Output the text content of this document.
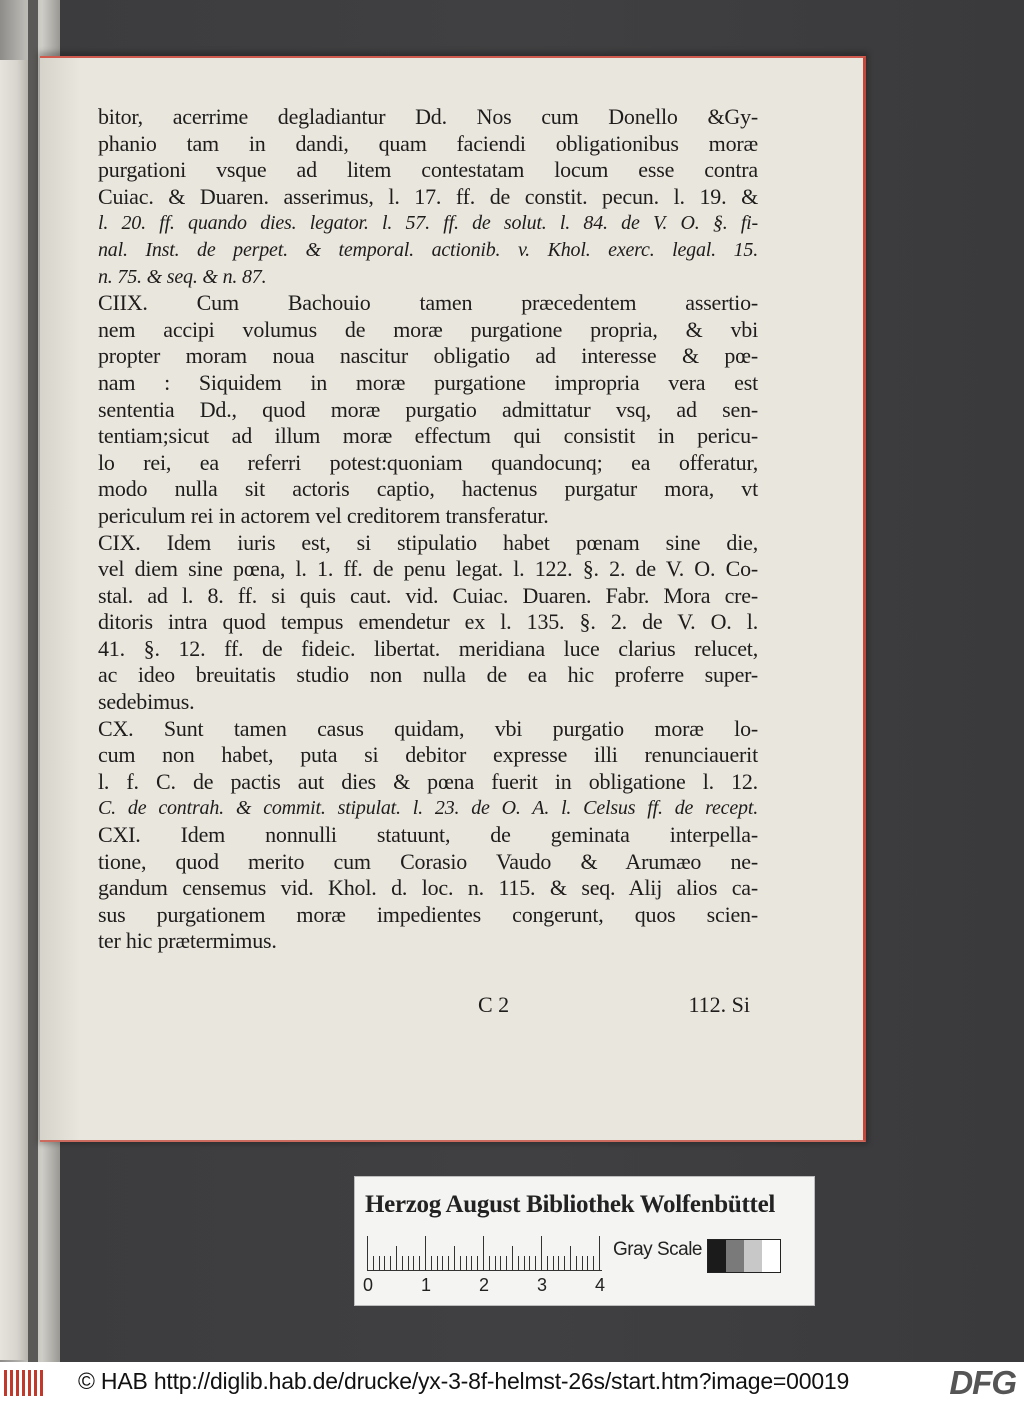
bitor, acerrime degladiantur Dd. Nos cum Donello &Gy-
phanio tam in dandi, quam faciendi obligationibus moræ
purgationi vsque ad litem contestatam locum esse contra
Cuiac. & Duaren. asserimus, l. 17. ff. de constit. pecun. l. 19. &
l. 20. ff. quando dies. legator. l. 57. ff. de solut. l. 84. de V. O. §. fi-
nal. Inst. de perpet. & temporal. actionib. v. Khol. exerc. legal. 15.
n. 75. & seq. & n. 87.
CIIX. Cum Bachouio tamen præcedentem assertio-
nem accipi volumus de moræ purgatione propria, & vbi
propter moram noua nascitur obligatio ad interesse & pœ-
nam : Siquidem in moræ purgatione impropria vera est
sententia Dd., quod moræ purgatio admittatur vsq, ad sen-
tentiam;sicut ad illum moræ effectum qui consistit in pericu-
lo rei, ea referri potest:quoniam quandocunq; ea offeratur,
modo nulla sit actoris captio, hactenus purgatur mora, vt
periculum rei in actorem vel creditorem transferatur.
CIX. Idem iuris est, si stipulatio habet pœnam sine die,
vel diem sine pœna, l. 1. ff. de penu legat. l. 122. §. 2. de V. O. Co-
stal. ad l. 8. ff. si quis caut. vid. Cuiac. Duaren. Fabr. Mora cre-
ditoris intra quod tempus emendetur ex l. 135. §. 2. de V. O. l.
41. §. 12. ff. de fideic. libertat. meridiana luce clarius relucet,
ac ideo breuitatis studio non nulla de ea hic proferre super-
sedebimus.
CX. Sunt tamen casus quidam, vbi purgatio moræ lo-
cum non habet, puta si debitor expresse illi renunciauerit
l. f. C. de pactis aut dies & pœna fuerit in obligatione l. 12.
C. de contrah. & commit. stipulat. l. 23. de O. A. l. Celsus ff. de recept.
CXI. Idem nonnulli statuunt, de geminata interpella-
tione, quod merito cum Corasio Vaudo & Arumæo ne-
gandum censemus vid. Khol. d. loc. n. 115. & seq. Alij alios ca-
sus purgationem moræ impedientes congerunt, quos scien-
ter hic prætermimus.
C 2	112. Si
Herzog August Bibliothek Wolfenbüttel
0	1	2	3	4
Gray Scale
© HAB http://diglib.hab.de/drucke/yx-3-8f-helmst-26s/start.htm?image=00019	DFG
